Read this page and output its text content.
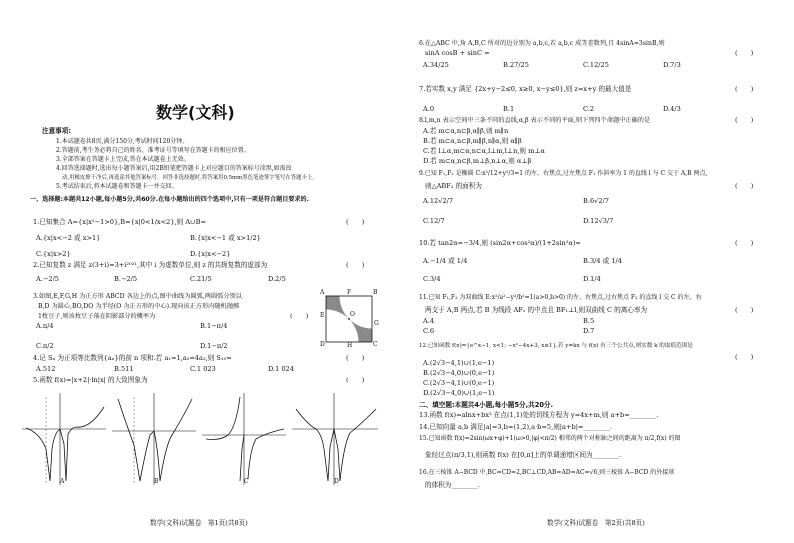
数学(文科)
注意事项:
1.本试题卷共8页,满分150分,考试时间120分钟。
2.答题前,考生务必将自己的姓名、准考证号等填写在答题卡的相应位置。
3.全部答案在答题卡上完成,答在本试题卷上无效。
4.回答选择题时,选出每小题答案后,用2B铅笔把答题卡上对应题目的答案标号涂黑,如需改
动,用橡皮擦干净后,再选涂其他答案标号。回答非选择题时,将答案用0.5mm黑色笔迹签字笔写在答题卡上。
5.考试结束后,将本试题卷和答题卡一并交回。
一、选择题:本题共12小题,每小题5分,共60分.在每小题给出的四个选项中,只有一项是符合题目要求的.
1.已知集合 A={x|x²−1>0},B={x|0<1/x<2},则 A∪B=	(　　)
A.{x|x<−2 或 x>1}	B.{x|x<−1 或 x>1/2}
C.{x|x>2}	D.{x|x<−2}
2.已知复数 z 满足 z(3+i)=3+i²⁰²¹,其中 i 为虚数单位,则 z 的共轭复数的虚部为	(　　)
A.−2/5	B.−2/5	C.21/5	D.2/5
3.如图,E,F,G,H 为正方形 ABCD 各边上的点,图中曲线为圆弧,两圆弧分别以
B,D 为圆心,BO,DO 为半径(O 为正方形的中心).现向该正方形内随机抛掷
1枚豆子,则该枚豆子落在阴影部分的概率为	(　　)
A.π/4	B.1−π/4
C.π/2	D.1−π/2
A	B
C
D
E
F
G
H
O
4.记 Sₙ 为正项等比数列{aₙ}的前 n 项和.若 a₁=1,a₅=4a₃,则 S₁₀=	(　　)
A.512	B.511	C.1 023	D.1 024
5.函数 f(x)=|x+2|·ln|x| 的大致图象为	(　　)
A	B	C	D
数学(文科)试题卷　第1页(共8页)
6.在△ABC 中,角 A,B,C 所对的边分别为 a,b,c,若 a,b,c 成等差数列,且 4sinA=3sinB,则
sinA cosB + sinC =	(　　)
A.34/25	B.27/25	C.12/25	D.7/3
7.若实数 x,y 满足 {2x+y−2≤0, x≥0, x−y≤0},则 z=x+y 的最大值是	(　　)
A.0	B.1	C.2	D.4/3
8.l,m,n 表示空间中三条不同的直线,α,β 表示不同的平面,则下列四个命题中正确的是	(　　)
A.若 m⊂α,n⊂β,α∥β,则 m∥n
B.若 m⊂α,n⊂β,m∥β,n∥α,则 α∥β
C.若 l⊥α,m⊂α,n⊂α,l⊥m,l⊥n,则 m⊥α
D.若 m⊂α,n⊂β,m⊥β,n⊥α,则 α⊥β
9.已知 F₁,F₂ 是椭圆 C:x²/12+y²/3=1 的左、右焦点,过左焦点 F₁ 作斜率为 1 的直线 l 与 C 交于 A,B 两点,
则△ABF₂ 的面积为	(　　)
A.12√2/7	B.6√2/7
C.12/7	D.12√3/7
10.若 tan2α=−3/4,则 (sin2α+cos²α)/(1+2sin²α)=	(　　)
A.−1/4 或 1/4	B.3/4 或 1/4
C.3/4	D.1/4
11.已知 F₁,F₂ 为双曲线 E:x²/a²−y²/b²=1(a>0,b>0) 的左、右焦点,过右焦点 F₂ 的直线 l 交 C 的左、右
两支于 A,B 两点,若 B 为线段 AF₁ 的中点且 BF₁⊥l,则双曲线 C 的离心率为	(　　)
A.4	B.5
C.6	D.7
12.已知函数 f(x)={e^x−1, x<1; −x²−4x+3, x≥1},若 y=kx 与 f(x) 有三个公共点,则实数 k 的取值范围是
(　　)
A.(2√3−4,1)∪(1,e−1)
B.(2√3−4,0)∪(0,e−1)
C.(2√3−4,1)∪(0,e−1)
D.(2√3−4,0)∪(1,e−1)
二、填空题:本题共4小题,每小题5分,共20分.
13.函数 f(x)=alnx+bx² 在点(1,1)处的切线方程为 y=4x+m,则 a+b=________.
14.已知向量 a,b 满足|a|=3,b=(1,2),a·b=5,则|a+b|=________.
15.已知函数 f(x)=2sin(ωx+φ)+1(ω>0,|φ|<π/2) 相邻的两个对称轴之间的距离为 π/2,f(x) 的图
象经过点(π/3,1),则函数 f(x) 在[0,π]上的单调递增区间为________.
16.在三棱锥 A−BCD 中,BC=CD=2,BC⊥CD,AB=AD=AC=√6,则三棱锥 A−BCD 的外接球
的体积为________.
数学(文科)试题卷　第2页(共8页)
